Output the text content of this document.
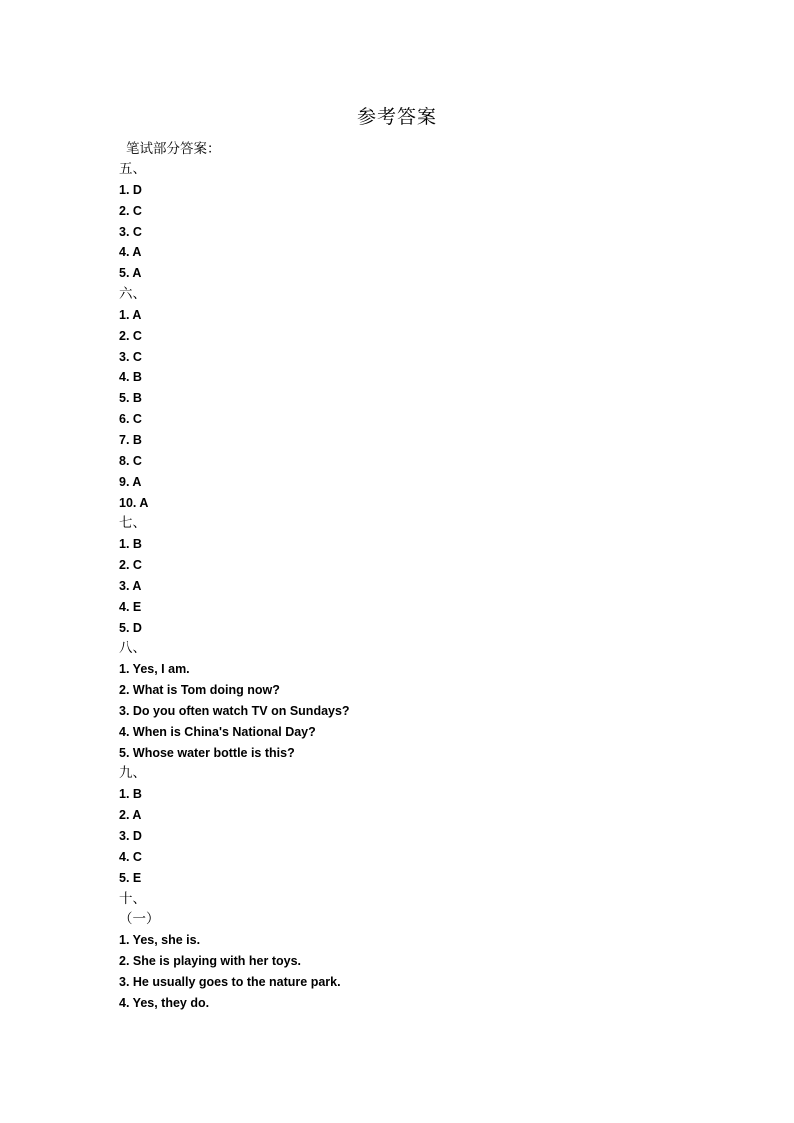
参考答案
笔试部分答案：
五、
1. D
2. C
3. C
4. A
5. A
六、
1. A
2. C
3. C
4. B
5. B
6. C
7. B
8. C
9. A
10. A
七、
1. B
2. C
3. A
4. E
5. D
八、
1. Yes, I am.
2. What is Tom doing now?
3. Do you often watch TV on Sundays?
4. When is China's National Day?
5. Whose water bottle is this?
九、
1. B
2. A
3. D
4. C
5. E
十、
（一）
1. Yes, she is.
2. She is playing with her toys.
3. He usually goes to the nature park.
4. Yes, they do.
